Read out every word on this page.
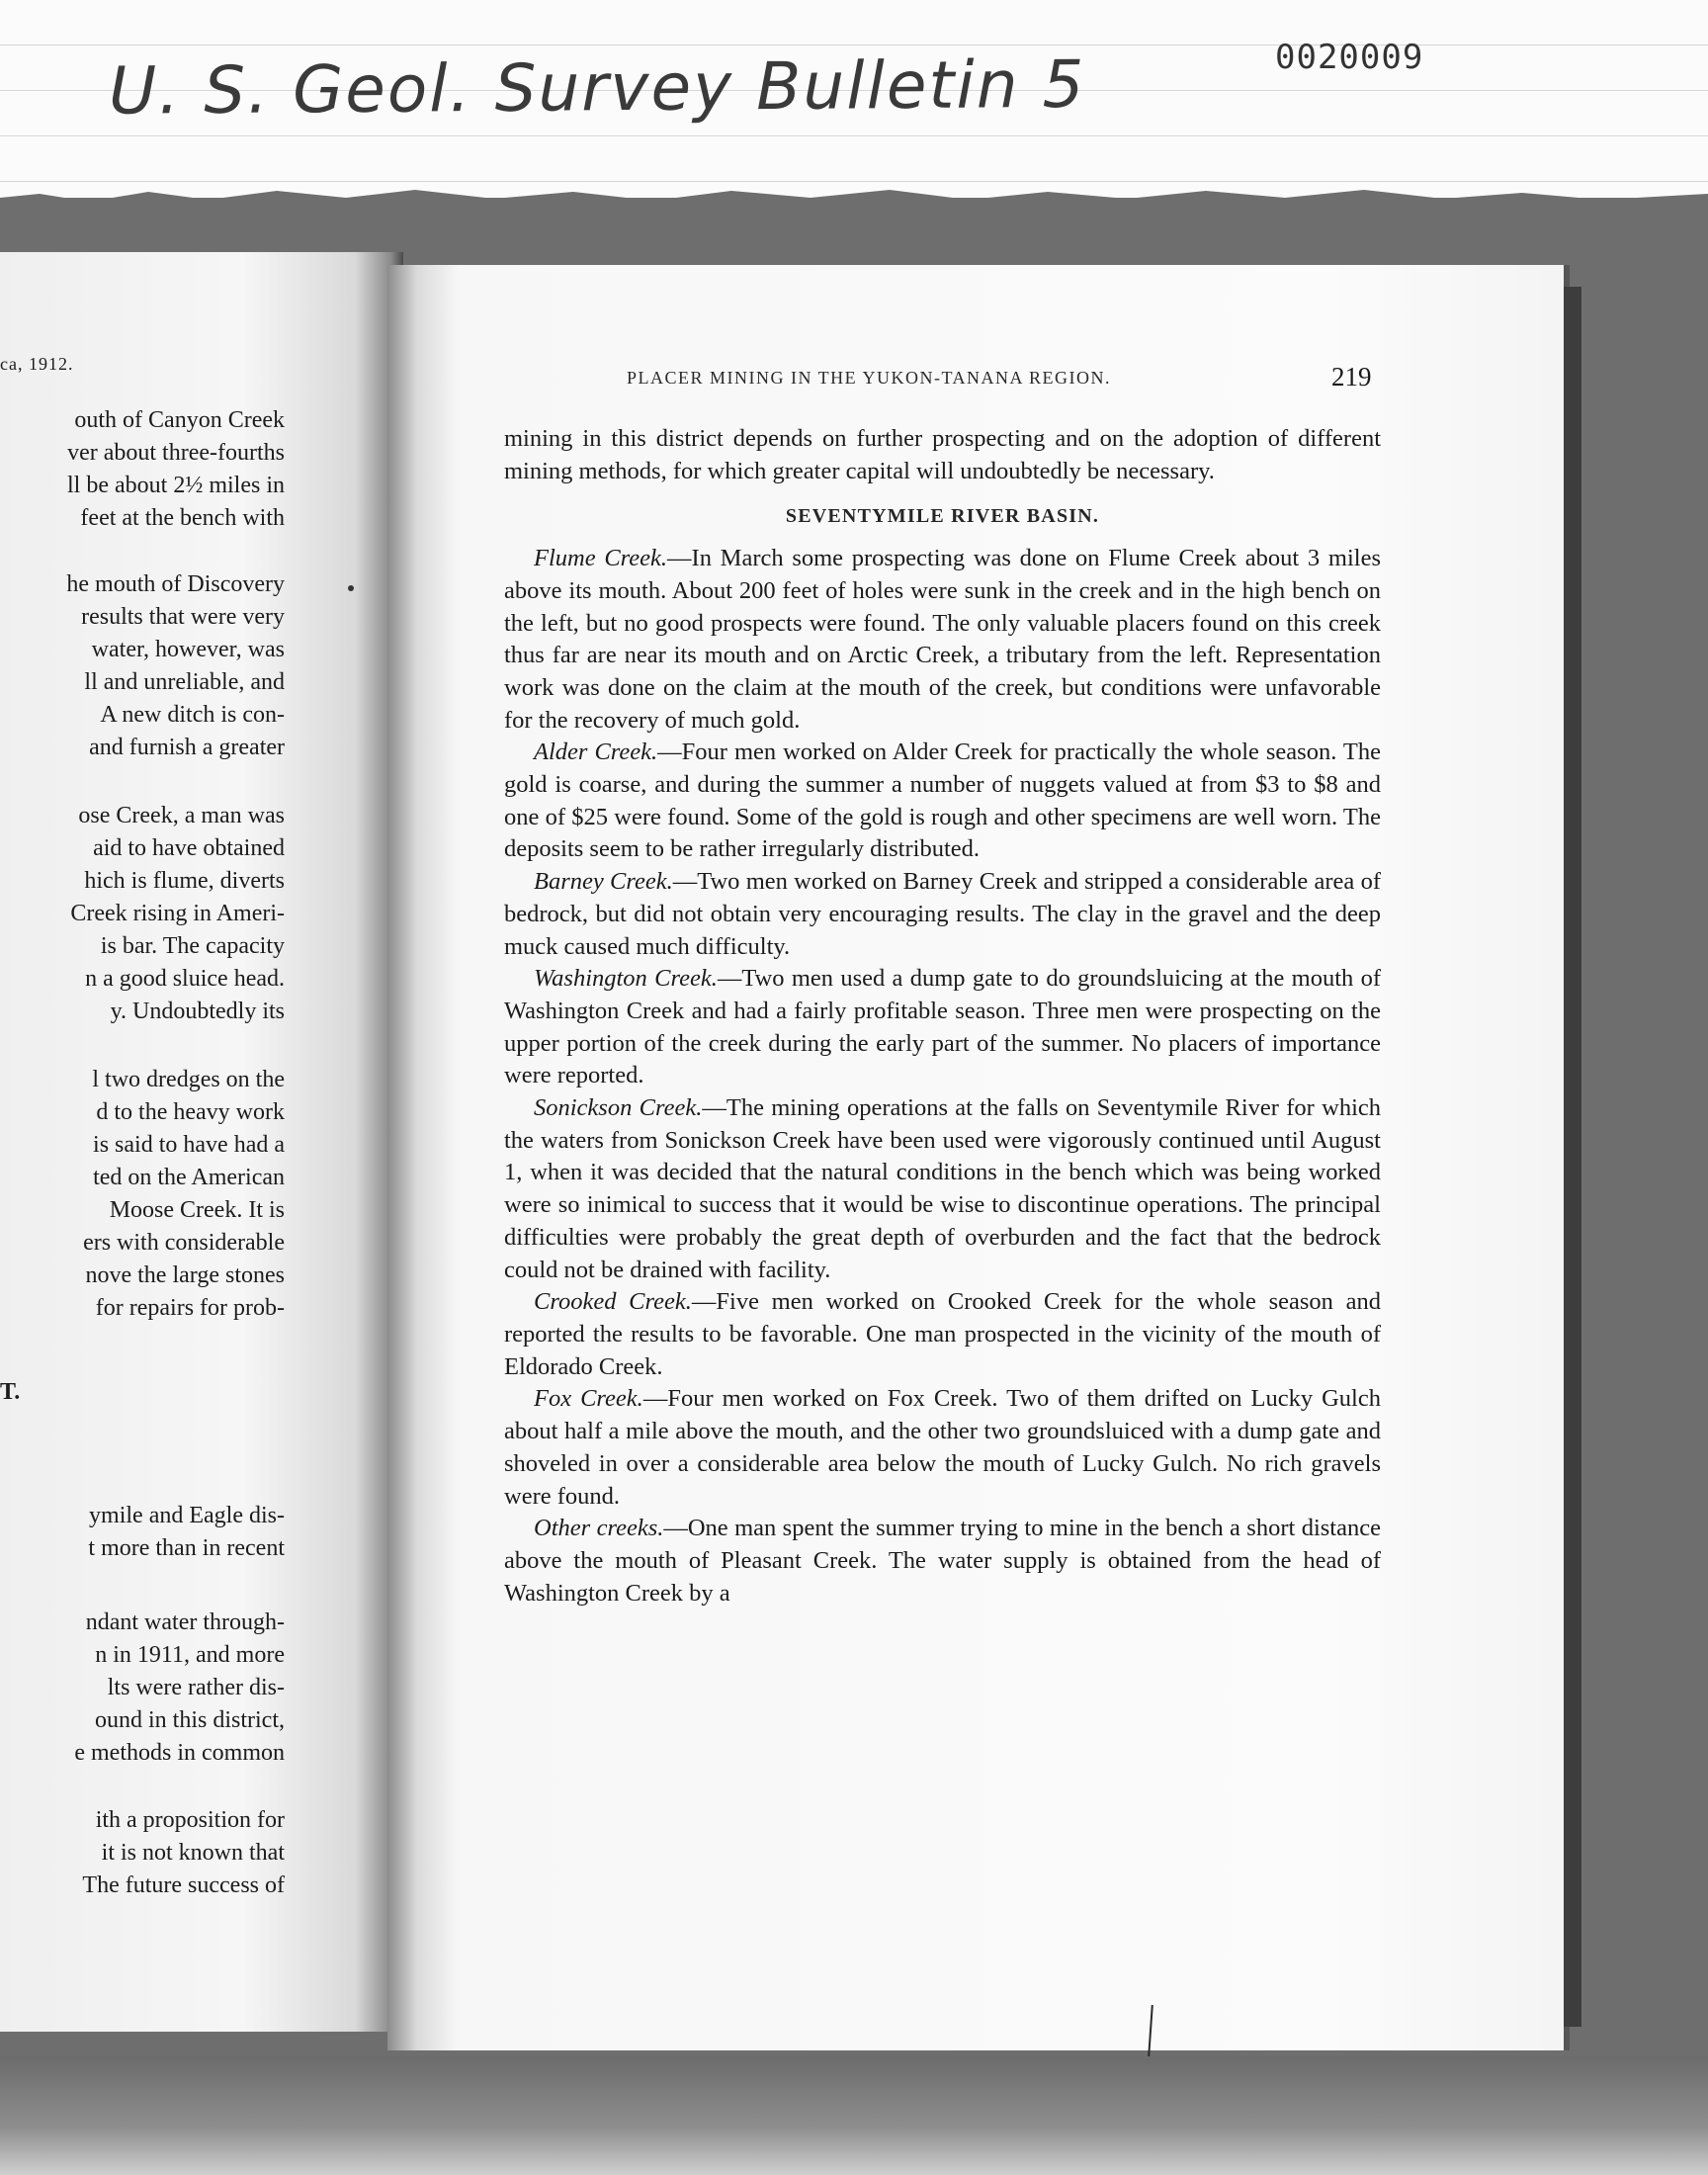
U. S. Geol. Survey Bulletin 5	0020009
ca, 1912.
outh of Canyon Creek
ver about three-fourths
ll be about 2½ miles in
feet at the bench with
he mouth of Discovery
results that were very
water, however, was
ll and unreliable, and
A new ditch is con-
and furnish a greater
ose Creek, a man was
aid to have obtained
hich is flume, diverts
Creek rising in Ameri-
is bar. The capacity
n a good sluice head.
y. Undoubtedly its
l two dredges on the
d to the heavy work
is said to have had a
ted on the American
Moose Creek. It is
ers with considerable
nove the large stones
for repairs for prob-
T.
ymile and Eagle dis-
t more than in recent
ndant water through-
n in 1911, and more
lts were rather dis-
ound in this district,
e methods in common
ith a proposition for
it is not known that
The future success of
PLACER MINING IN THE YUKON-TANANA REGION.	219

mining in this district depends on further prospecting and on the adoption of different mining methods, for which greater capital will undoubtedly be necessary.

SEVENTYMILE RIVER BASIN.

Flume Creek.—In March some prospecting was done on Flume Creek about 3 miles above its mouth. About 200 feet of holes were sunk in the creek and in the high bench on the left, but no good prospects were found. The only valuable placers found on this creek thus far are near its mouth and on Arctic Creek, a tributary from the left. Representation work was done on the claim at the mouth of the creek, but conditions were unfavorable for the recovery of much gold.

Alder Creek.—Four men worked on Alder Creek for practically the whole season. The gold is coarse, and during the summer a number of nuggets valued at from $3 to $8 and one of $25 were found. Some of the gold is rough and other specimens are well worn. The deposits seem to be rather irregularly distributed.

Barney Creek.—Two men worked on Barney Creek and stripped a considerable area of bedrock, but did not obtain very encouraging results. The clay in the gravel and the deep muck caused much difficulty.

Washington Creek.—Two men used a dump gate to do groundsluicing at the mouth of Washington Creek and had a fairly profitable season. Three men were prospecting on the upper portion of the creek during the early part of the summer. No placers of importance were reported.

Sonickson Creek.—The mining operations at the falls on Seventymile River for which the waters from Sonickson Creek have been used were vigorously continued until August 1, when it was decided that the natural conditions in the bench which was being worked were so inimical to success that it would be wise to discontinue operations. The principal difficulties were probably the great depth of overburden and the fact that the bedrock could not be drained with facility.

Crooked Creek.—Five men worked on Crooked Creek for the whole season and reported the results to be favorable. One man prospected in the vicinity of the mouth of Eldorado Creek.

Fox Creek.—Four men worked on Fox Creek. Two of them drifted on Lucky Gulch about half a mile above the mouth, and the other two groundsluiced with a dump gate and shoveled in over a considerable area below the mouth of Lucky Gulch. No rich gravels were found.

Other creeks.—One man spent the summer trying to mine in the bench a short distance above the mouth of Pleasant Creek. The water supply is obtained from the head of Washington Creek by a
